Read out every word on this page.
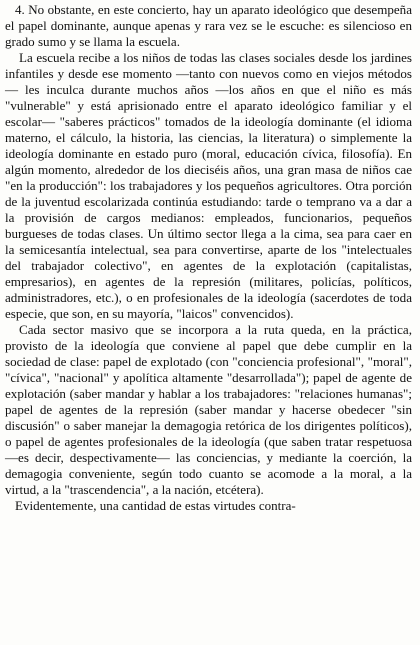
4. No obstante, en este concierto, hay un aparato ideológico que desempeña el papel dominante, aunque apenas y rara vez se le escuche: es silencioso en grado sumo y se llama la escuela.

La escuela recibe a los niños de todas las clases sociales desde los jardines infantiles y desde ese momento —tanto con nuevos como en viejos métodos— les inculca durante muchos años —los años en que el niño es más "vulnerable" y está aprisionado entre el aparato ideológico familiar y el escolar— "saberes prácticos" tomados de la ideología dominante (el idioma materno, el cálculo, la historia, las ciencias, la literatura) o simplemente la ideología dominante en estado puro (moral, educación cívica, filosofía). En algún momento, alrededor de los dieciséis años, una gran masa de niños cae "en la producción": los trabajadores y los pequeños agricultores. Otra porción de la juventud escolarizada continúa estudiando: tarde o temprano va a dar a la provisión de cargos medianos: empleados, funcionarios, pequeños burgueses de todas clases. Un último sector llega a la cima, sea para caer en la semicesantía intelectual, sea para convertirse, aparte de los "intelectuales del trabajador colectivo", en agentes de la explotación (capitalistas, empresarios), en agentes de la represión (militares, policías, políticos, administradores, etc.), o en profesionales de la ideología (sacerdotes de toda especie, que son, en su mayoría, "laicos" convencidos).

Cada sector masivo que se incorpora a la ruta queda, en la práctica, provisto de la ideología que conviene al papel que debe cumplir en la sociedad de clase: papel de explotado (con "conciencia profesional", "moral", "cívica", "nacional" y apolítica altamente "desarrollada"); papel de agente de explotación (saber mandar y hablar a los trabajadores: "relaciones humanas"; papel de agentes de la represión (saber mandar y hacerse obedecer "sin discusión" o saber manejar la demagogia retórica de los dirigentes políticos), o papel de agentes profesionales de la ideología (que saben tratar respetuosa —es decir, despectivamente— las conciencias, y mediante la coerción, la demagogia conveniente, según todo cuanto se acomode a la moral, a la virtud, a la "trascendencia", a la nación, etcétera).

Evidentemente, una cantidad de estas virtudes contra-
